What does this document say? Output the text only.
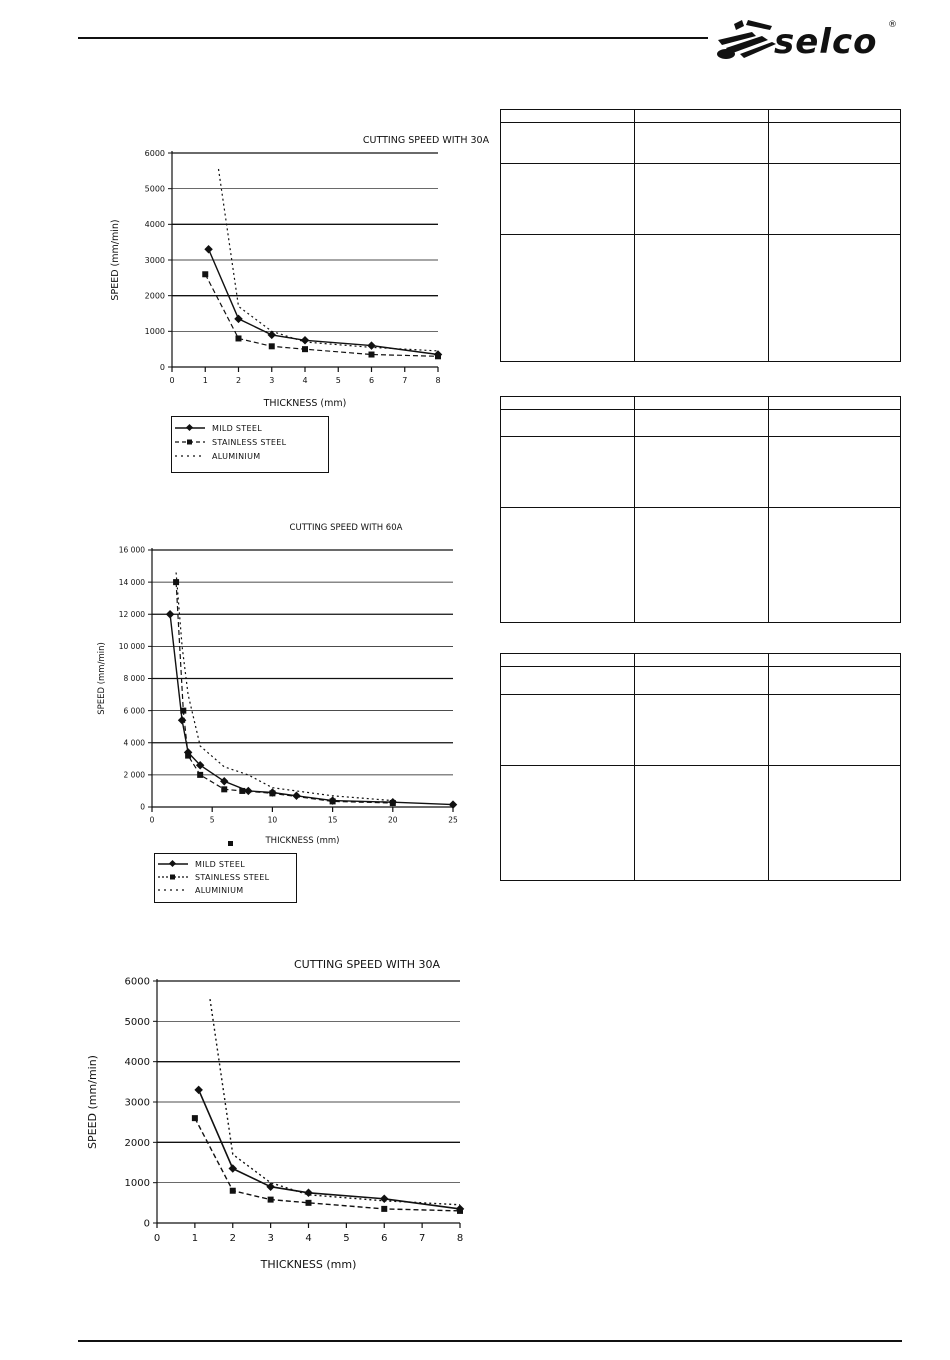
selco ®
0
1000
2000
3000
4000
5000
6000
0	1	2	3	4	5	6	7	8
CUTTING SPEED WITH 30A
THICKNESS (mm)
SPEED (mm/min)
MILD STEEL
STAINLESS STEEL
ALUMINIUM
0
2 000
4 000
6 000
8 000
10 000
12 000
14 000
16 000
0	5	10	15	20	25
CUTTING SPEED WITH 60A
THICKNESS (mm)
SPEED (mm/min)
MILD STEEL
STAINLESS STEEL
ALUMINIUM
0
1000
2000
3000
4000
5000
6000
0	1	2	3	4	5	6	7	8
CUTTING SPEED WITH 30A
THICKNESS (mm)
SPEED (mm/min)
